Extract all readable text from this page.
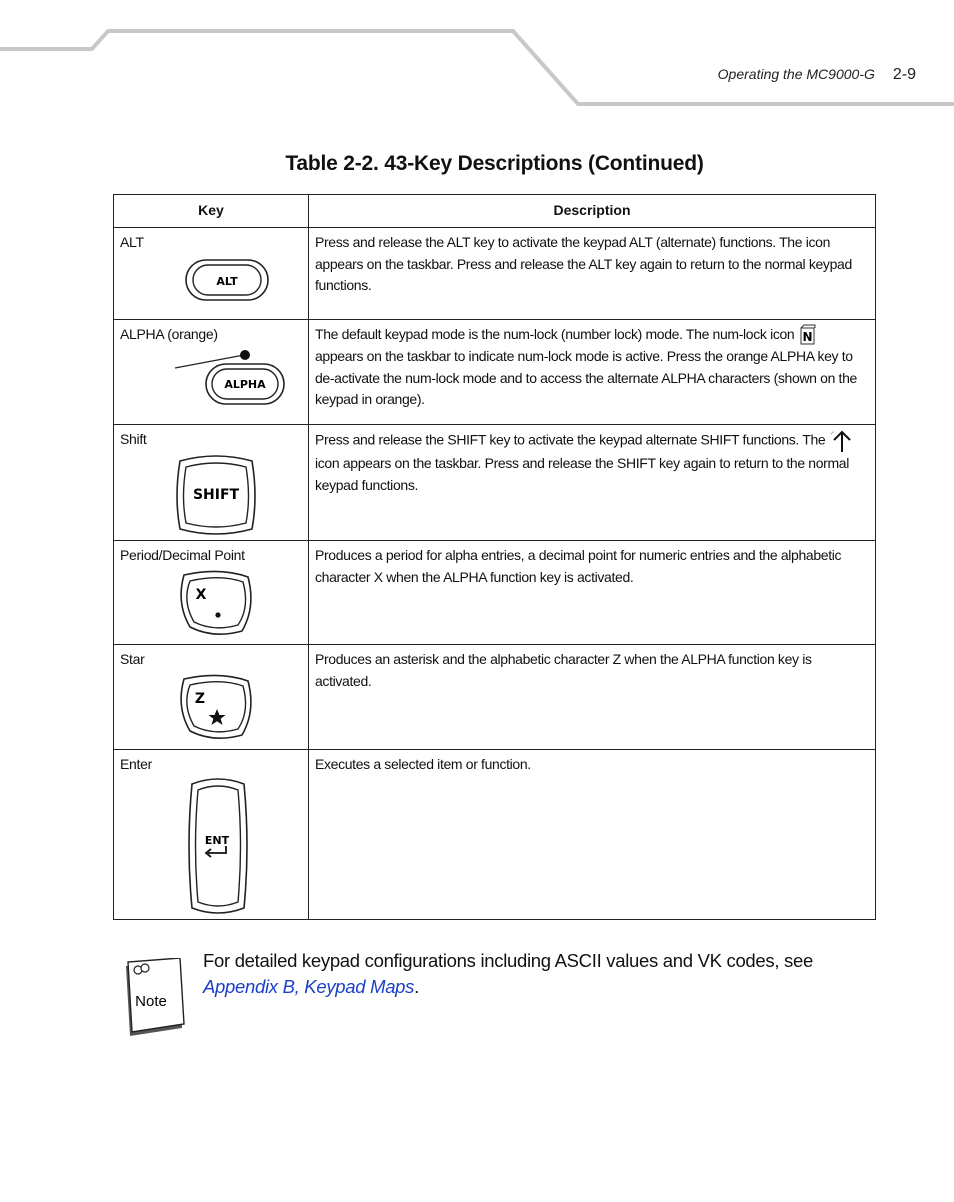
Operating the MC9000-G 2-9
Table 2-2. 43-Key Descriptions (Continued)
Key	Description

ALT
ALT	Press and release the ALT key to activate the keypad ALT (alternate) functions. The icon appears on the taskbar. Press and release the ALT key again to return to the normal keypad functions.

ALPHA (orange)
ALPHA	The default keypad mode is the num-lock (number lock) mode. The num-lock icon N
appears on the taskbar to indicate num-lock mode is active. Press the orange ALPHA key to de-activate the num-lock mode and to access the alternate ALPHA characters (shown on the keypad in orange).

Shift
SHIFT	Press and release the SHIFT key to activate the keypad alternate SHIFT functions. The  icon appears on the taskbar. Press and release the SHIFT key again to return to the normal keypad functions.

Period/Decimal Point
X	Produces a period for alpha entries, a decimal point for numeric entries and the alphabetic character X when the ALPHA function key is activated.

Star
Z	Produces an asterisk and the alphabetic character Z when the ALPHA function key is activated.

Enter
ENT	Executes a selected item or function.
Note
For detailed keypad configurations including ASCII values and VK codes, see
Appendix B, Keypad Maps.
